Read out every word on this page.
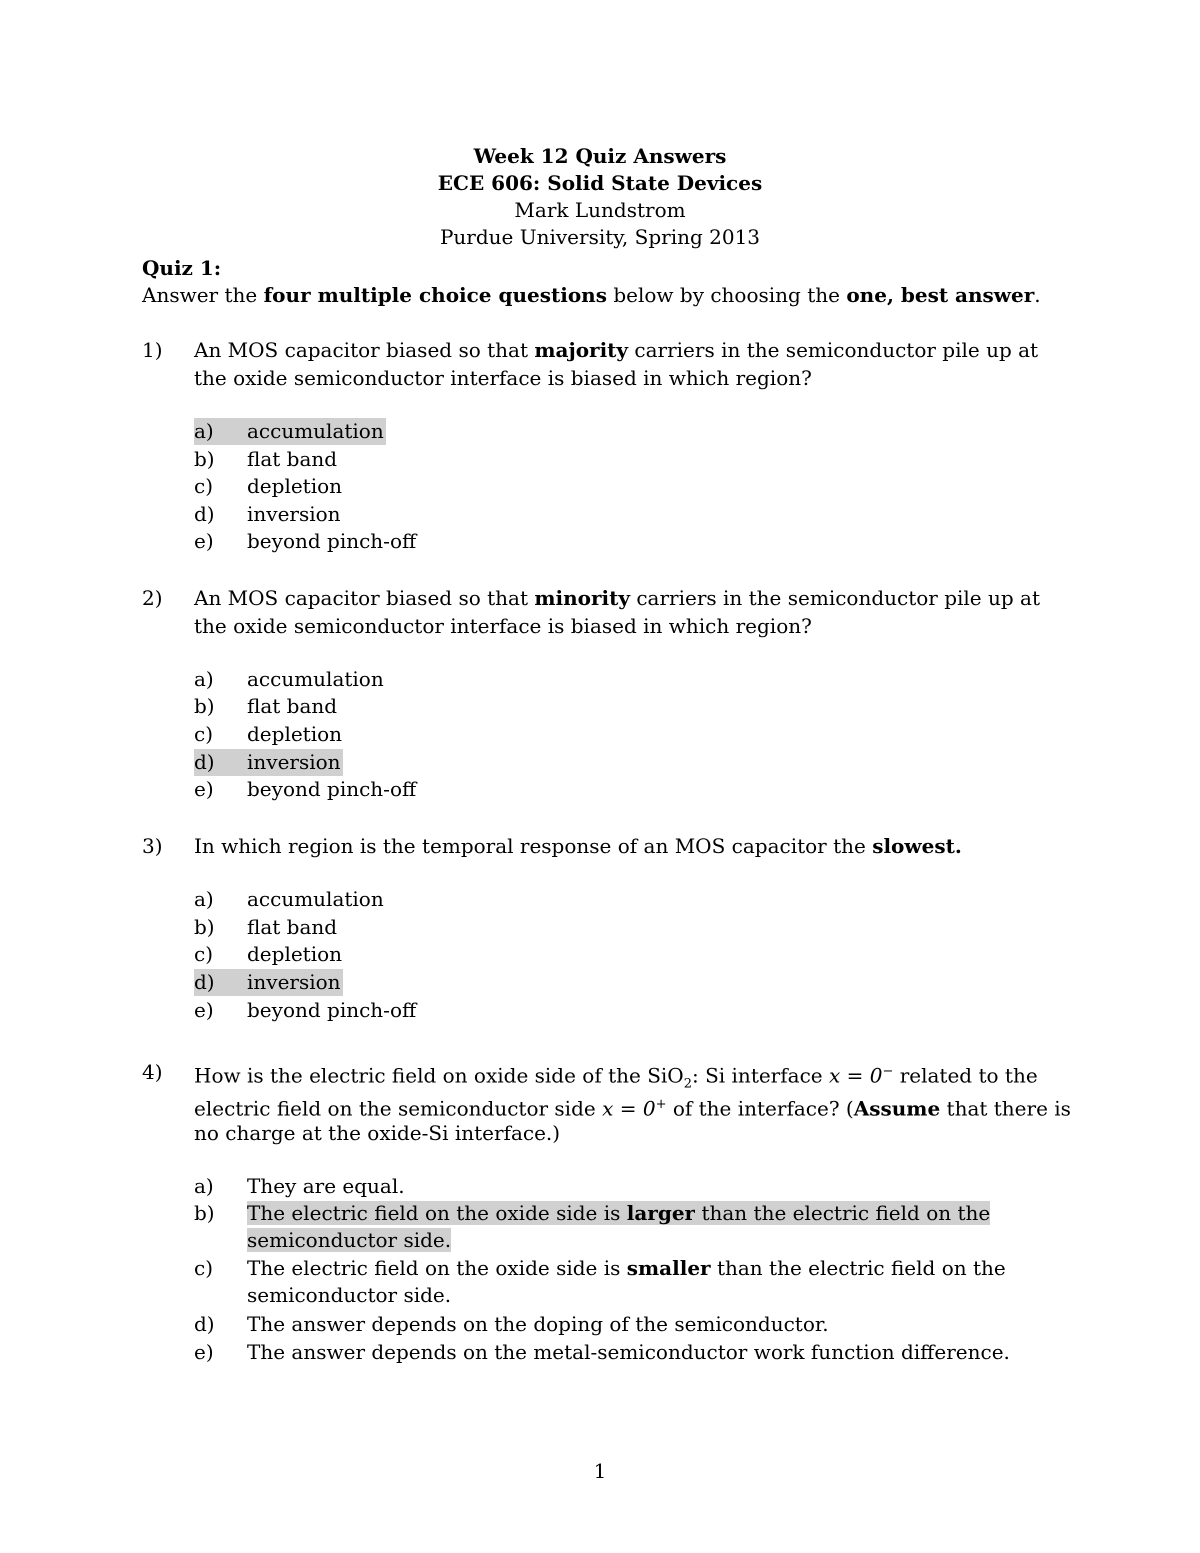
Week 12 Quiz Answers
ECE 606: Solid State Devices
Mark Lundstrom
Purdue University, Spring 2013
Quiz 1:
Answer the four multiple choice questions below by choosing the one, best answer.
1) An MOS capacitor biased so that majority carriers in the semiconductor pile up at the oxide semiconductor interface is biased in which region?
a) accumulation
b) flat band
c) depletion
d) inversion
e) beyond pinch-off
2) An MOS capacitor biased so that minority carriers in the semiconductor pile up at the oxide semiconductor interface is biased in which region?
a) accumulation
b) flat band
c) depletion
d) inversion
e) beyond pinch-off
3) In which region is the temporal response of an MOS capacitor the slowest.
a) accumulation
b) flat band
c) depletion
d) inversion
e) beyond pinch-off
4) How is the electric field on oxide side of the SiO$_2$: Si interface x = 0− related to the
electric field on the semiconductor side x = 0+ of the interface? (Assume that there is
no charge at the oxide-Si interface.)
a) They are equal.
b) The electric field on the oxide side is larger than the electric field on the semiconductor side.
c) The electric field on the oxide side is smaller than the electric field on the semiconductor side.
d) The answer depends on the doping of the semiconductor.
e) The answer depends on the metal-semiconductor work function difference.
1
